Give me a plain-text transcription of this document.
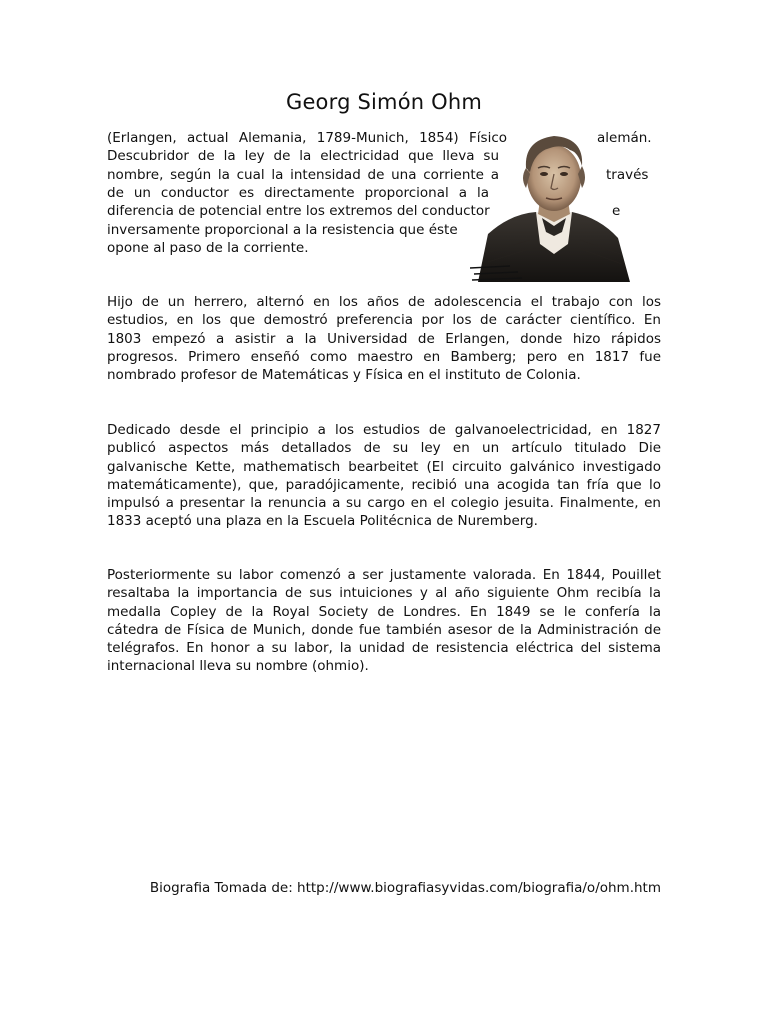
Georg Simón Ohm
(Erlangen, actual Alemania, 1789-Munich, 1854) Físico	alemán.
Descubridor de la ley de la electricidad que lleva su
nombre, según la cual la intensidad de una corriente a	través
de un conductor es directamente proporcional a la
diferencia de potencial entre los extremos del conductor	e
inversamente proporcional a la resistencia que éste
opone al paso de la corriente.
Hijo de un herrero, alternó en los años de adolescencia el trabajo con los
estudios, en los que demostró preferencia por los de carácter científico. En
1803 empezó a asistir a la Universidad de Erlangen, donde hizo rápidos
progresos. Primero enseñó como maestro en Bamberg; pero en 1817 fue
nombrado profesor de Matemáticas y Física en el instituto de Colonia.
Dedicado desde el principio a los estudios de galvanoelectricidad, en 1827
publicó aspectos más detallados de su ley en un artículo titulado Die
galvanische Kette, mathematisch bearbeitet (El circuito galvánico investigado
matemáticamente), que, paradójicamente, recibió una acogida tan fría que lo
impulsó a presentar la renuncia a su cargo en el colegio jesuita. Finalmente, en
1833 aceptó una plaza en la Escuela Politécnica de Nuremberg.
Posteriormente su labor comenzó a ser justamente valorada. En 1844, Pouillet
resaltaba la importancia de sus intuiciones y al año siguiente Ohm recibía la
medalla Copley de la Royal Society de Londres. En 1849 se le confería la
cátedra de Física de Munich, donde fue también asesor de la Administración de
telégrafos. En honor a su labor, la unidad de resistencia eléctrica del sistema
internacional lleva su nombre (ohmio).
Biografia Tomada de: http://www.biografiasyvidas.com/biografia/o/ohm.htm
